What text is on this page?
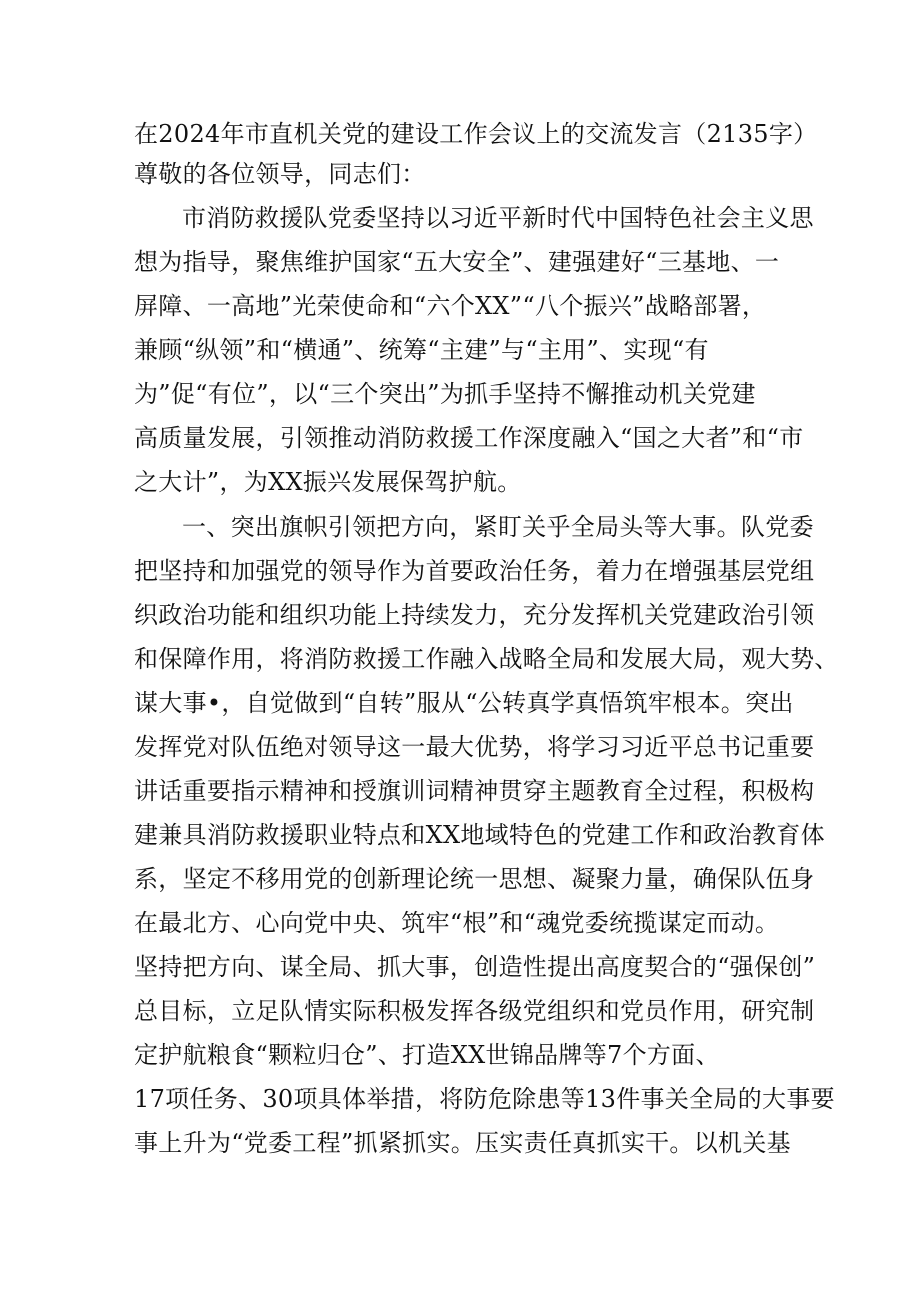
在2024年市直机关党的建设工作会议上的交流发言（2135字）
尊敬的各位领导，同志们：
市消防救援队党委坚持以习近平新时代中国特色社会主义思
想为指导，聚焦维护国家“五大安全”、建强建好“三基地、一
屏障、一高地”光荣使命和“六个XX”“八个振兴”战略部署，
兼顾“纵领”和“横通”、统筹“主建”与“主用”、实现“有
为”促“有位”，以“三个突出”为抓手坚持不懈推动机关党建
高质量发展，引领推动消防救援工作深度融入“国之大者”和“市
之大计”，为XX振兴发展保驾护航。
一、突出旗帜引领把方向，紧盯关乎全局头等大事。队党委
把坚持和加强党的领导作为首要政治任务，着力在增强基层党组
织政治功能和组织功能上持续发力，充分发挥机关党建政治引领
和保障作用，将消防救援工作融入战略全局和发展大局，观大势、
谋大事•，自觉做到“自转”服从“公转真学真悟筑牢根本。突出
发挥党对队伍绝对领导这一最大优势，将学习习近平总书记重要
讲话重要指示精神和授旗训词精神贯穿主题教育全过程，积极构
建兼具消防救援职业特点和XX地域特色的党建工作和政治教育体
系，坚定不移用党的创新理论统一思想、凝聚力量，确保队伍身
在最北方、心向党中央、筑牢“根”和“魂党委统揽谋定而动。
坚持把方向、谋全局、抓大事，创造性提出高度契合的“强保创”
总目标，立足队情实际积极发挥各级党组织和党员作用，研究制
定护航粮食“颗粒归仓”、打造XX世锦品牌等7个方面、
17项任务、30项具体举措，将防危除患等13件事关全局的大事要
事上升为“党委工程”抓紧抓实。压实责任真抓实干。以机关基
